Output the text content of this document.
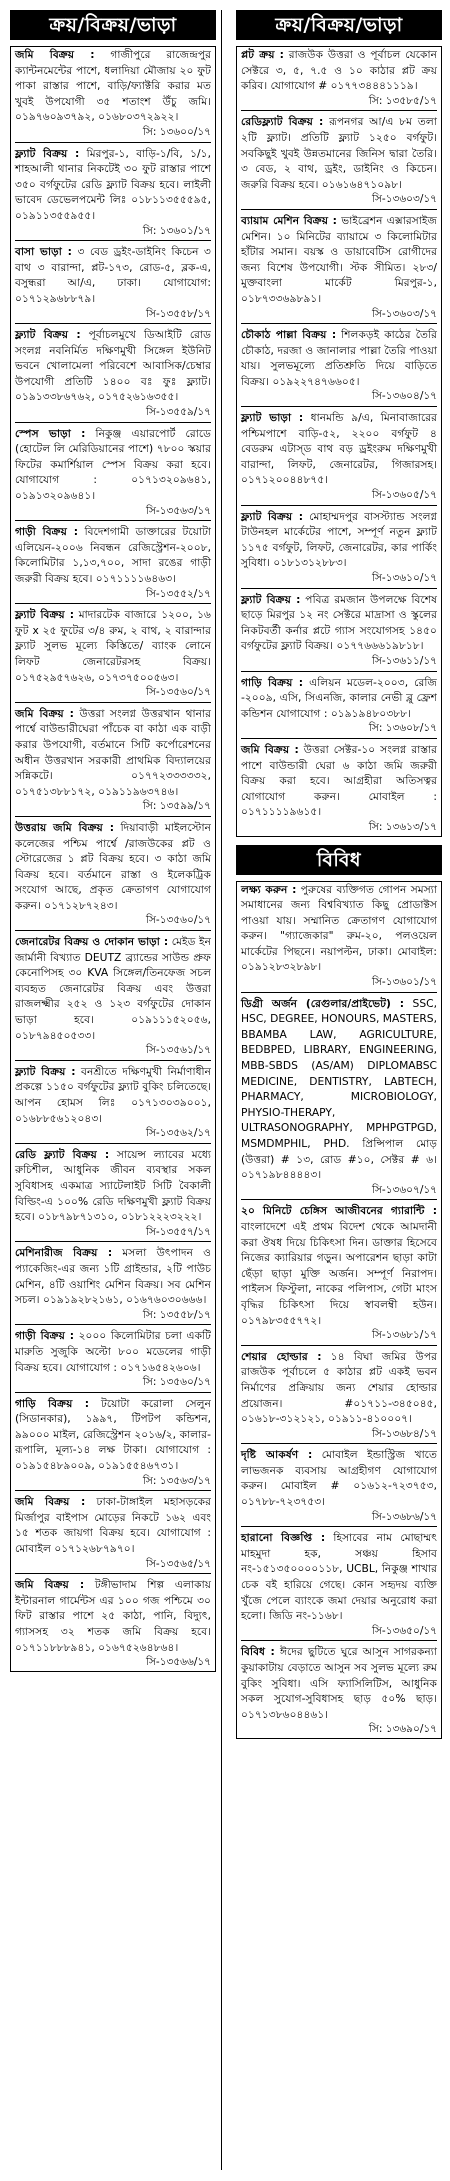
ক্রয়/বিক্রয়/ভাড়া
জমি বিক্রয় : গাজীপুরে রাজেন্দ্রপুর ক্যান্টনমেন্টের পাশে, ধলাদিয়া মৌজায় ২০ ফুট পাকা রাস্তার পাশে, বাড়ি/ফ্যাক্টরি করার মত খুবই উপযোগী ৩৫ শতাংশ উঁচু জমি। ০১৯৭৬০৯৩৭৯২, ০১৬৮০৩৭২৯২২।
সি: ১৩৬০০/১৭
ফ্ল্যাট বিক্রয় : মিরপুর-১, বাড়ি-১/বি, ১/১, শাহআলী থানার নিকটেই ৩০ ফুট রাস্তার পাশে ৩৫০ বর্গফুটের রেডি ফ্ল্যাট বিক্রয় হবে। লাইলী ভাবেদ ডেভেলপমেন্ট লিঃ ০১৮১১৩৫৫৫৯৫, ০১৯১১৩৫৫৯৫৫।
সি: ১৩৬০১/১৭
বাসা ভাড়া : ৩ বেড ড্রইং-ডাইনিং কিচেন ৩ বাথ ৩ বারান্দা, প্লট-১৭৩, রোড-৫, ব্লক-এ, বসুন্ধরা আ/এ, ঢাকা। যোগাযোগ: ০১৭১২৯৬৮৮৭৯।
সি-১৩৫৫৮/১৭
ফ্ল্যাট বিক্রয় : পূর্বাচলমুখে ডিআইটি রোড সংলগ্ন নবনির্মিত দক্ষিণমুখী সিঙ্গেল ইউনিট ভবনে খোলামেলা পরিবেশে আবাসিক/চেম্বার উপযোগী প্রতিটি ১৪০০ বঃ ফুঃ ফ্ল্যাট। ০১৯১৩৩৮৬৭৬২, ০১৭৫২৬১৬৩৫৫।
সি-১৩৫৫৯/১৭
স্পেস ভাড়া : নিকুঞ্জ এয়ারপোর্ট রোডে (হোটেল লি মেরিডিয়ানের পাশে) ৭৮০০ স্কয়ার ফিটের কমার্শিয়াল স্পেস বিক্রয় করা হবে। যোগাযোগ : ০১৭১৩২০৯৬৪১, ০১৯১৩২০৯৬৪১।
সি-১৩৫৬৩/১৭
গাড়ী বিক্রয় : বিদেশগামী ডাক্তারের টয়োটা এলিয়েন-২০০৬ নিবন্ধন রেজিস্ট্রেশন-২০০৮, কিলোমিটার ১,১৩,৭০০, সাদা রঙের গাড়ী জরুরী বিক্রয় হবে। ০১৭১১১১৬৪৬৩।
সি-১৩৫৫২/১৭
ফ্ল্যাট বিক্রয় : মাদারটেক বাজারে ১২০০, ১৬ ফুট x ২৫ ফুটের ৩/৪ রুম, ২ বাথ, ২ বারান্দার ফ্ল্যাট সুলভ মূল্যে কিস্তিতে/ ব্যাংক লোনে লিফট জেনারেটরসহ বিক্রয়। ০১৭৫২৯৫৭৬২৬, ০১৭৩৭৫০০৫৬৩।
সি-১৩৫৬০/১৭
জমি বিক্রয় : উত্তরা সংলগ্ন উত্তরখান থানার পার্শ্বে বাউন্ডারীঘেরা পাঁচেক বা কাঠা এক বাড়ী করার উপযোগী, বর্তমানে সিটি কর্পোরেশনের অধীন উত্তরখান সরকারী প্রাথমিক বিদ্যালয়ের সন্নিকটে। ০১৭৭২৩৩৩৩৩২, ০১৭৫১৩৮৮১৭২, ০১৯১১৯৬৩৭৪৬।
সি: ১৩৫৯৯/১৭
উত্তরায় জমি বিক্রয় : দিয়াবাড়ী মাইলস্টোন কলেজের পশ্চিম পার্শ্বে /রাজউকের প্লট ও স্টোরেজের ১ প্লট বিক্রয় হবে। ৩ কাঠা জমি বিক্রয় হবে। বর্তমানে রাস্তা ও ইলেকট্রিক সংযোগ আছে, প্রকৃত ক্রেতাগণ যোগাযোগ করুন। ০১৭১২৮৭২৪৩।
সি-১৩৫৬০/১৭
জেনারেটর বিক্রয় ও দোকান ভাড়া : মেইড ইন জার্মানী বিখ্যাত DEUTZ ব্র্যান্ডের সাউন্ড প্রুফ কেনোপিসহ ৩০ KVA সিঙ্গেল/তিনফেজ সচল ব্যবহৃত জেনারেটর বিক্রয় এবং উত্তরা রাজলক্ষ্মীর ২৫২ ও ১২৩ বর্গফুটের দোকান ভাড়া হবে। ০১৯১১১৫২০৫৬, ০১৮৭৯৪৫০৫৩৩।
সি-১৩৫৬১/১৭
ফ্ল্যাট বিক্রয় : বনশ্রীতে দক্ষিণমুখী নির্মাণাধীন প্রকল্পে ১১৫০ বর্গফুটের ফ্ল্যাট বুকিং চলিতেছে। আপন হোমস লিঃ ০১৭১৩০৩৯০০১, ০১৬৮৮৫৬১২০৪৩।
সি-১৩৫৬২/১৭
রেডি ফ্ল্যাট বিক্রয় : সায়েন্স ল্যাবের মধ্যে রুচিশীল, আধুনিক জীবন ব্যবস্থার সকল সুবিধাসহ একমাত্র স্যাটেলাইট সিটি বৈকালী বিল্ডিং-এ ১০০% রেডি দক্ষিণমুখী ফ্ল্যাট বিক্রয় হবে। ০১৮৭৯৮৭১৩১০, ০১৮১২২২৩২২২।
সি-১৩৫৫৭/১৭
মেশিনারীজ বিক্রয় : মসলা উৎপাদন ও প্যাকেজিং-এর জন্য ১টি গ্রাইন্ডার, ২টি পাউচ মেশিন, ৪টি ওয়াশিং মেশিন বিক্রয়। সব মেশিন সচল। ০১৯১৯২৮২১৬১, ০১৬৭৬০৩০৬৬৬।
সি: ১৩৫৫৮/১৭
গাড়ী বিক্রয় : ২০০০ কিলোমিটার চলা একটি মারুতি সুজুকি অল্টো ৮০০ মডেলের গাড়ী বিক্রয় হবে। যোগাযোগ : ০১৭১৬৫৪২৬০৬।
সি: ১৩৫৬০/১৭
গাড়ি বিক্রয় : টয়োটা করোলা সেলুন (সিডানকার), ১৯৯৭, টিপটপ কন্ডিশন, ৯৯০০০ মাইল, রেজিস্ট্রেশন ২০১৬/২, কালার-রূপালি, মূল্য-১৪ লক্ষ টাকা। যোগাযোগ : ০১৯১৫৪৮৯০০৯, ০১৯১৫৫৪৬৭৩১।
সি: ১৩৫৬৩/১৭
জমি বিক্রয় : ঢাকা-টাঙ্গাইল মহাসড়কের মির্জাপুর বাইপাস মোড়ের নিকটে ১৬২ এবং ১৫ শতক জায়গা বিক্রয় হবে। যোগাযোগ : মোবাইল ০১৭১২৬৮৭৯৭০।
সি-১৩৫৬৫/১৭
জমি বিক্রয় : টঙ্গীভাদাম শিল্প এলাকায় ইন্টারনাল গার্মেন্টস এর ১০০ গজ পশ্চিমে ৩০ ফিট রাস্তার পাশে ২৫ কাঠা, পানি, বিদ্যুৎ, গ্যাসসহ ৩২ শতক জমি বিক্রয় হবে। ০১৭১১৮৮৮৯৪১, ০১৬৭৫২৬৪৮৬৪।
সি-১৩৫৬৬/১৭
ক্রয়/বিক্রয়/ভাড়া
প্লট ক্রয় : রাজউক উত্তরা ও পূর্বাচল যেকোন সেক্টরে ৩, ৫, ৭.৫ ও ১০ কাঠার প্লট ক্রয় করিব। যোগাযোগ # ০১৭৭৩৪৪৪১১১৯।
সি: ১৩৫৮৫/১৭
রেডিফ্ল্যাট বিক্রয় : রূপনগর আ/এ ৮ম তলা ২টি ফ্ল্যাট। প্রতিটি ফ্ল্যাট ১২৫০ বর্গফুট। সবকিছুই খুবই উন্নতমানের জিনিস দ্বারা তৈরি। ৩ বেড, ২ বাথ, ড্রইং, ডাইনিং ও কিচেন। জরুরি বিক্রয় হবে। ০১৬১৬৪৭১০৯৮।
সি-১৩৬০৩/১৭
ব্যায়াম মেশিন বিক্রয় : ভাইব্রেশন এক্সারসাইজ মেশিন। ১০ মিনিটের ব্যায়ামে ৩ কিলোমিটার হাঁটার সমান। বয়স্ক ও ডায়াবেটিস রোগীদের জন্য বিশেষ উপযোগী। স্টক সীমিত। ২৮৩/ মুক্তবাংলা মার্কেট মিরপুর-১, ০১৮৭৩৩৬৯৮৯১।
সি-১৩৬০৩/১৭
চৌকাঠ পাল্লা বিক্রয় : শিলকড়ই কাঠের তৈরি চৌকাঠ, দরজা ও জানালার পাল্লা তৈরি পাওয়া যায়। সুলভমূল্যে প্রতিশ্রুতি দিয়ে বাড়িতে বিক্রয়। ০১৯২২৭৪৭৬৬০৫।
সি-১৩৬০৪/১৭
ফ্ল্যাট ভাড়া : ধানমন্ডি ৯/এ, মিনাবাজারের পশ্চিমপাশে বাড়ি-৫২, ২২০০ বর্গফুট ৪ বেডরুম এটাস্ড বাথ বড় ড্রইংরুম দক্ষিণমুখী বারান্দা, লিফট, জেনারেটর, গিজারসহ। ০১৭১২০০৪৪৮৭৫।
সি-১৩৬০৫/১৭
ফ্ল্যাট বিক্রয় : মোহাম্মদপুর বাসস্ট্যান্ড সংলগ্ন টাউনহল মার্কেটের পাশে, সম্পূর্ণ নতুন ফ্ল্যাট ১১৭৫ বর্গফুট, লিফট, জেনারেটর, কার পার্কিং সুবিধা। ০১৮১৩১২৮৮৩।
সি-১৩৬১০/১৭
ফ্ল্যাট বিক্রয় : পবিত্র রমজান উপলক্ষে বিশেষ ছাড়ে মিরপুর ১২ নং সেক্টরে মাদ্রাসা ও স্কুলের নিকটবর্তী কর্নার প্লটে গ্যাস সংযোগসহ ১৪৫০ বর্গফুটের ফ্ল্যাট বিক্রয়। ০১৭৭৬৬৬১৯৮১৮।
সি-১৩৬১১/১৭
গাড়ি বিক্রয় : এলিয়ন মডেল-২০০৩, রেজি -২০০৯, এসি, সিএনজি, কালার নেভী ব্লু ফ্রেশ কন্ডিশন যোগাযোগ : ০১৯১৯৪৮০৩৮৮।
সি: ১৩৬০৮/১৭
জমি বিক্রয় : উত্তরা সেক্টর-১০ সংলগ্ন রাস্তার পাশে বাউন্ডারী ঘেরা ৬ কাঠা জমি জরুরী বিক্রয় করা হবে। আগ্রহীরা অতিসত্বর যোগাযোগ করুন। মোবাইল : ০১৭১১১১৯৬১৫।
সি: ১৩৬১৩/১৭
বিবিধ
লক্ষ্য করুন : পুরুষের ব্যক্তিগত গোপন সমস্যা সমাধানের জন্য বিশ্ববিখ্যাত কিছু প্রোডাক্টস পাওয়া যায়। সম্মানিত ক্রেতাগণ যোগাযোগ করুন। "গ্যাজেকার" রুম-২০, পলওয়েল মার্কেটের পিছনে। নয়াপল্টন, ঢাকা। মোবাইল: ০১৯১২৮৩২৮৯৮।
সি-১৩৬০১/১৭
ডিগ্রী অর্জন (রেগুলার/প্রাইভেট) : SSC, HSC, DEGREE, HONOURS, MASTERS, BBAMBA LAW, AGRICULTURE, BEDBPED, LIBRARY, ENGINEERING, MBB-SBDS (AS/AM) DIPLOMABSC MEDICINE, DENTISTRY, LABTECH, PHARMACY, MICROBIOLOGY, PHYSIO-THERAPY, ULTRASONOGRAPHY, MPHPGTPGD, MSMDMPHIL, PHD. প্রিন্সিপাল মোড় (উত্তরা) # ১৩, রোড #১০, সেক্টর # ৬। ০১৭১৯৮৪৪৪৪৩।
সি-১৩৬০৭/১৭
২০ মিনিটে চেঙ্গিস আজীবনের গ্যারান্টি : বাংলাদেশে এই প্রথম বিদেশ থেকে আমদানী করা ঔষধ দিয়ে চিকিৎসা দিন। ডাক্তার হিসেবে নিজের ক্যারিয়ার গড়ুন। অপারেশন ছাড়া কাটা ছেঁড়া ছাড়া মুক্তি অর্জন। সম্পূর্ণ নিরাপদ। পাইলস ফিস্টুলা, নাকের পলিপাস, গেটা মাংস বৃদ্ধির চিকিৎসা দিয়ে স্বাবলম্বী হউন। ০১৭৯৮৩৫৫৭৭২।
সি-১৩৬৮১/১৭
শেয়ার হোল্ডার : ১৪ বিঘা জমির উপর রাজউক পূর্বাচলে ৫ কাঠার প্লট একই ভবন নির্মাণের প্রক্রিয়ায় জন্য শেয়ার হোল্ডার প্রয়োজন। #০১৭১১-৩৪৫০৪৫, ০১৬১৮-৩১২১২১, ০১৯১১-৪১০০০৭।
সি-১৩৬৮৪/১৭
দৃষ্টি আকর্ষণ : মোবাইল ইন্ডাস্ট্রিজ খাতে লাভজনক ব্যবসায় আগ্রহীগণ যোগাযোগ করুন। মোবাইল # ০১৬১২-৭২৩৭৫৩, ০১৭৮৮-৭২৩৭৫৩।
সি-১৩৬৮৬/১৭
হারানো বিজ্ঞপ্তি : হিসাবের নাম মোছাম্মৎ মাহমুদা হক, সঞ্চয় হিসাব নং-১৫১৩৫০০০০১১৮, UCBL, নিকুঞ্জ শাখার চেক বই হারিয়ে গেছে। কোন সহৃদয় ব্যক্তি খুঁজে পেলে ব্যাংকে জমা দেয়ার অনুরোধ করা হলো। জিডি নং-১১৬৮।
সি-১৩৬৫০/১৭
বিবিধ : ঈদের ছুটিতে ঘুরে আসুন সাগরকন্যা কুয়াকাটায় বেড়াতে আসুন সব সুলভ মূল্যে রুম বুকিং সুবিধা। এসি ফ্যাসিলিটিস, আধুনিক সকল সুযোগ-সুবিধাসহ ছাড় ৫০% ছাড়। ০১৭১৩৮৬০৪৪৬১।
সি: ১৩৬৯০/১৭
